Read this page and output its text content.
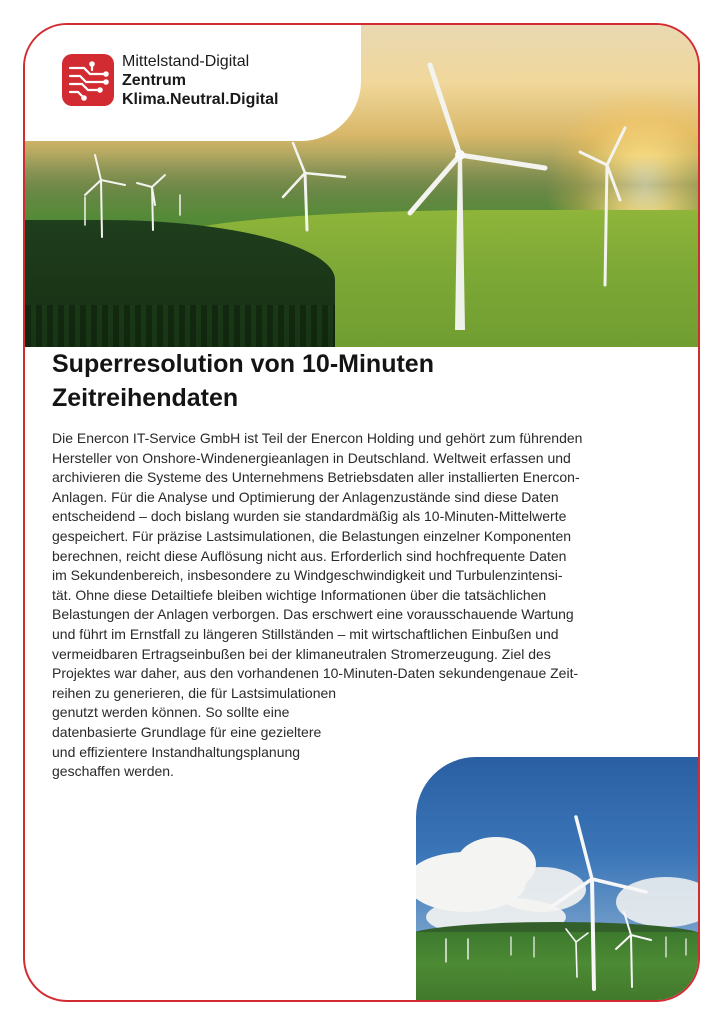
Mittelstand-Digital
Zentrum
Klima.Neutral.Digital
Superresolution von 10-Minuten
Zeitreihendaten
Die Enercon IT-Service GmbH ist Teil der Enercon Holding und gehört zum führenden
Hersteller von Onshore-Windenergieanlagen in Deutschland. Weltweit erfassen und
archivieren die Systeme des Unternehmens Betriebsdaten aller installierten Enercon-
Anlagen. Für die Analyse und Optimierung der Anlagenzustände sind diese Daten
entscheidend – doch bislang wurden sie standardmäßig als 10-Minuten-Mittelwerte
gespeichert. Für präzise Lastsimulationen, die Belastungen einzelner Komponenten
berechnen, reicht diese Auflösung nicht aus. Erforderlich sind hochfrequente Daten
im Sekundenbereich, insbesondere zu Windgeschwindigkeit und Turbulenzintensi-
tät. Ohne diese Detailtiefe bleiben wichtige Informationen über die tatsächlichen
Belastungen der Anlagen verborgen. Das erschwert eine vorausschauende Wartung
und führt im Ernstfall zu längeren Stillständen – mit wirtschaftlichen Einbußen und
vermeidbaren Ertragseinbußen bei der klimaneutralen Stromerzeugung. Ziel des
Projektes war daher, aus den vorhandenen 10-Minuten-Daten sekundengenaue Zeit-
reihen zu generieren, die für Lastsimulationen
genutzt werden können. So sollte eine
datenbasierte Grundlage für eine gezieltere
und effizientere Instandhaltungsplanung
geschaffen werden.
